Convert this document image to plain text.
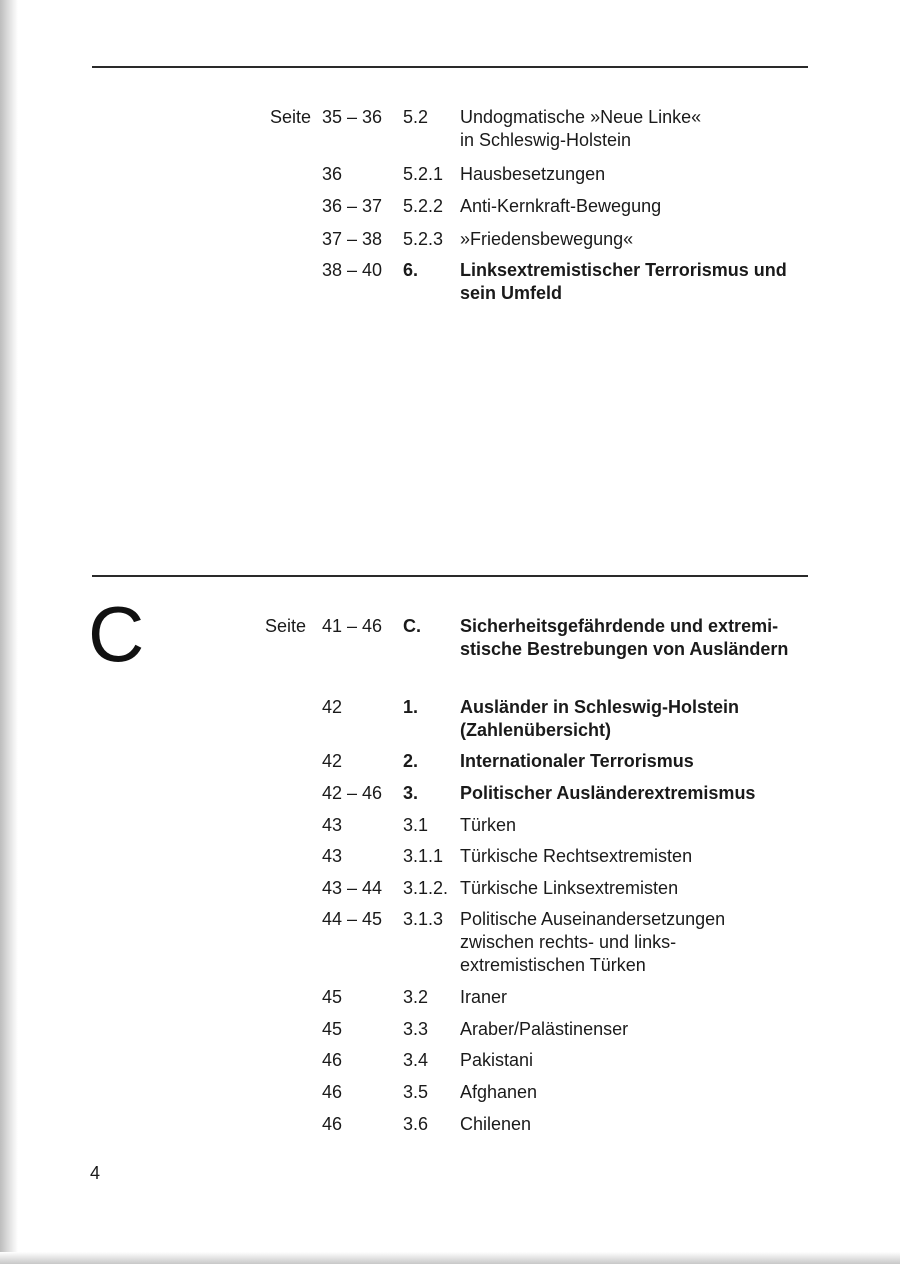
Seite 35 – 36 5.2 Undogmatische »Neue Linke«
in Schleswig-Holstein
36	5.2.1 Hausbesetzungen
36 – 37 5.2.2 Anti-Kernkraft-Bewegung
37 – 38 5.2.3 »Friedensbewegung«
38 – 40 6. Linksextremistischer Terrorismus und
sein Umfeld
C	Seite 41 – 46 C. Sicherheitsgefährdende und extremi-
stische Bestrebungen von Ausländern
42	1. Ausländer in Schleswig-Holstein
(Zahlenübersicht)
42	2. Internationaler Terrorismus
42 – 46 3. Politischer Ausländerextremismus
43	3.1 Türken
43	3.1.1 Türkische Rechtsextremisten
43 – 44 3.1.2. Türkische Linksextremisten
44 – 45 3.1.3 Politische Auseinandersetzungen
zwischen rechts- und links-
extremistischen Türken
45	3.2 Iraner
45	3.3 Araber/Palästinenser
46	3.4 Pakistani
46	3.5 Afghanen
46	3.6 Chilenen
4
